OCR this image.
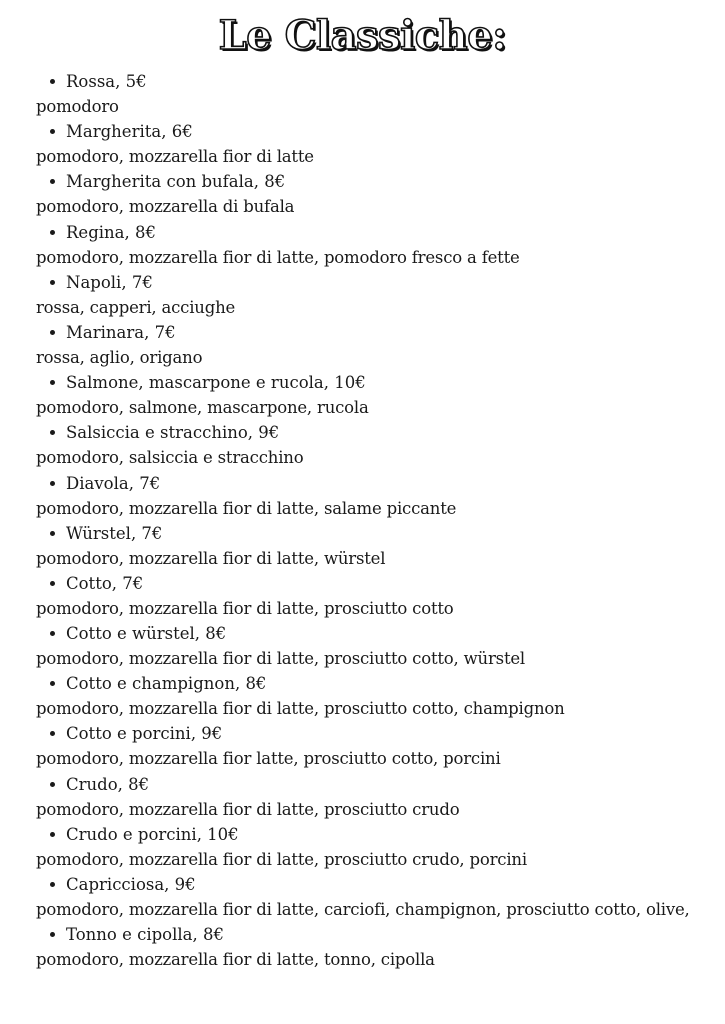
Le Classiche:
Rossa, 5€
pomodoro
Margherita, 6€
pomodoro, mozzarella fior di latte
Margherita con bufala, 8€
pomodoro, mozzarella di bufala
Regina, 8€
pomodoro, mozzarella fior di latte, pomodoro fresco a fette
Napoli, 7€
rossa, capperi, acciughe
Marinara, 7€
rossa, aglio, origano
Salmone, mascarpone e rucola, 10€
pomodoro, salmone, mascarpone, rucola
Salsiccia e stracchino, 9€
pomodoro, salsiccia e stracchino
Diavola, 7€
pomodoro, mozzarella fior di latte, salame piccante
Würstel, 7€
pomodoro, mozzarella fior di latte, würstel
Cotto, 7€
pomodoro, mozzarella fior di latte, prosciutto cotto
Cotto e würstel, 8€
pomodoro, mozzarella fior di latte, prosciutto cotto, würstel
Cotto e champignon, 8€
pomodoro, mozzarella fior di latte, prosciutto cotto, champignon
Cotto e porcini, 9€
pomodoro, mozzarella fior latte, prosciutto cotto, porcini
Crudo, 8€
pomodoro, mozzarella fior di latte, prosciutto crudo
Crudo e porcini, 10€
pomodoro, mozzarella fior di latte, prosciutto crudo, porcini
Capricciosa, 9€
pomodoro, mozzarella fior di latte, carciofi, champignon, prosciutto cotto, olive,
Tonno e cipolla, 8€
pomodoro, mozzarella fior di latte, tonno, cipolla
